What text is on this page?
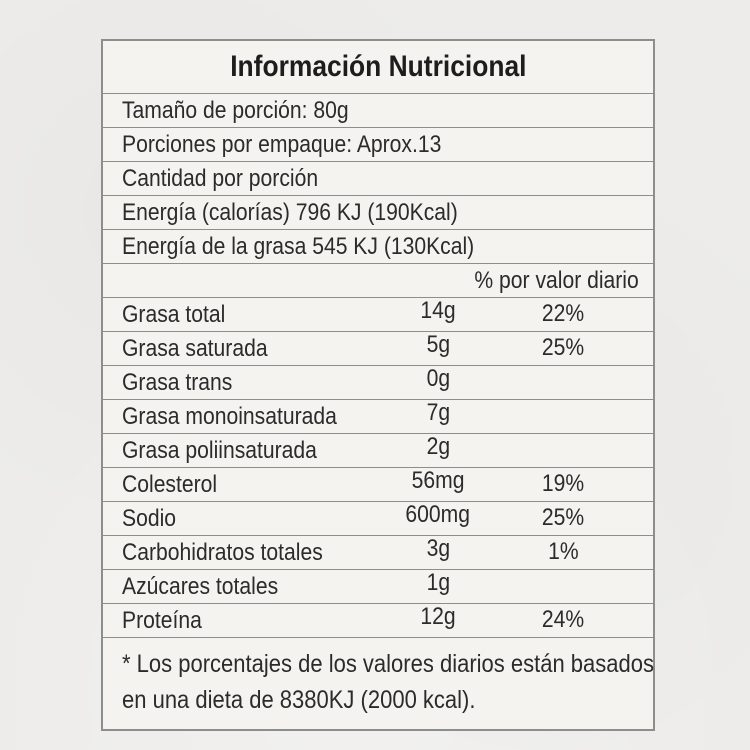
Información Nutricional
Tamaño de porción: 80g
Porciones por empaque: Aprox.13
Cantidad por porción
Energía (calorías) 796 KJ (190Kcal)
Energía de la grasa 545 KJ (130Kcal)
% por valor diario
Grasa total	14g	22%
Grasa saturada	5g	25%
Grasa trans	0g
Grasa monoinsaturada	7g
Grasa poliinsaturada	2g
Colesterol	56mg	19%
Sodio	600mg	25%
Carbohidratos totales	3g	1%
Azúcares totales	1g
Proteína	12g	24%
* Los porcentajes de los valores diarios están basados
en una dieta de 8380KJ (2000 kcal).
